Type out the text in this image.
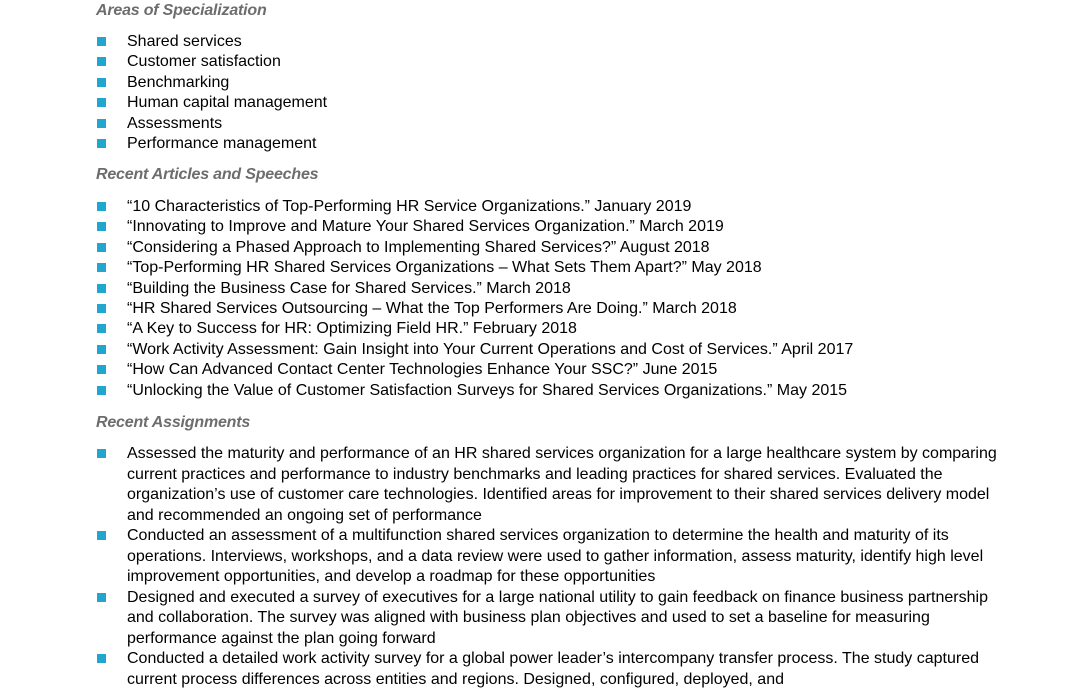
Areas of Specialization
Shared services
Customer satisfaction
Benchmarking
Human capital management
Assessments
Performance management
Recent Articles and Speeches
“10 Characteristics of Top-Performing HR Service Organizations.” January 2019
“Innovating to Improve and Mature Your Shared Services Organization.” March 2019
“Considering a Phased Approach to Implementing Shared Services?” August 2018
“Top-Performing HR Shared Services Organizations – What Sets Them Apart?” May 2018
“Building the Business Case for Shared Services.” March 2018
“HR Shared Services Outsourcing – What the Top Performers Are Doing.” March 2018
“A Key to Success for HR: Optimizing Field HR.” February 2018
“Work Activity Assessment: Gain Insight into Your Current Operations and Cost of Services.” April 2017
“How Can Advanced Contact Center Technologies Enhance Your SSC?” June 2015
“Unlocking the Value of Customer Satisfaction Surveys for Shared Services Organizations.” May 2015
Recent Assignments
Assessed the maturity and performance of an HR shared services organization for a large healthcare system by comparing current practices and performance to industry benchmarks and leading practices for shared services. Evaluated the organization’s use of customer care technologies. Identified areas for improvement to their shared services delivery model and recommended an ongoing set of performance
Conducted an assessment of a multifunction shared services organization to determine the health and maturity of its operations. Interviews, workshops, and a data review were used to gather information, assess maturity, identify high level improvement opportunities, and develop a roadmap for these opportunities
Designed and executed a survey of executives for a large national utility to gain feedback on finance business partnership and collaboration. The survey was aligned with business plan objectives and used to set a baseline for measuring performance against the plan going forward
Conducted a detailed work activity survey for a global power leader’s intercompany transfer process. The study captured current process differences across entities and regions. Designed, configured, deployed, and
